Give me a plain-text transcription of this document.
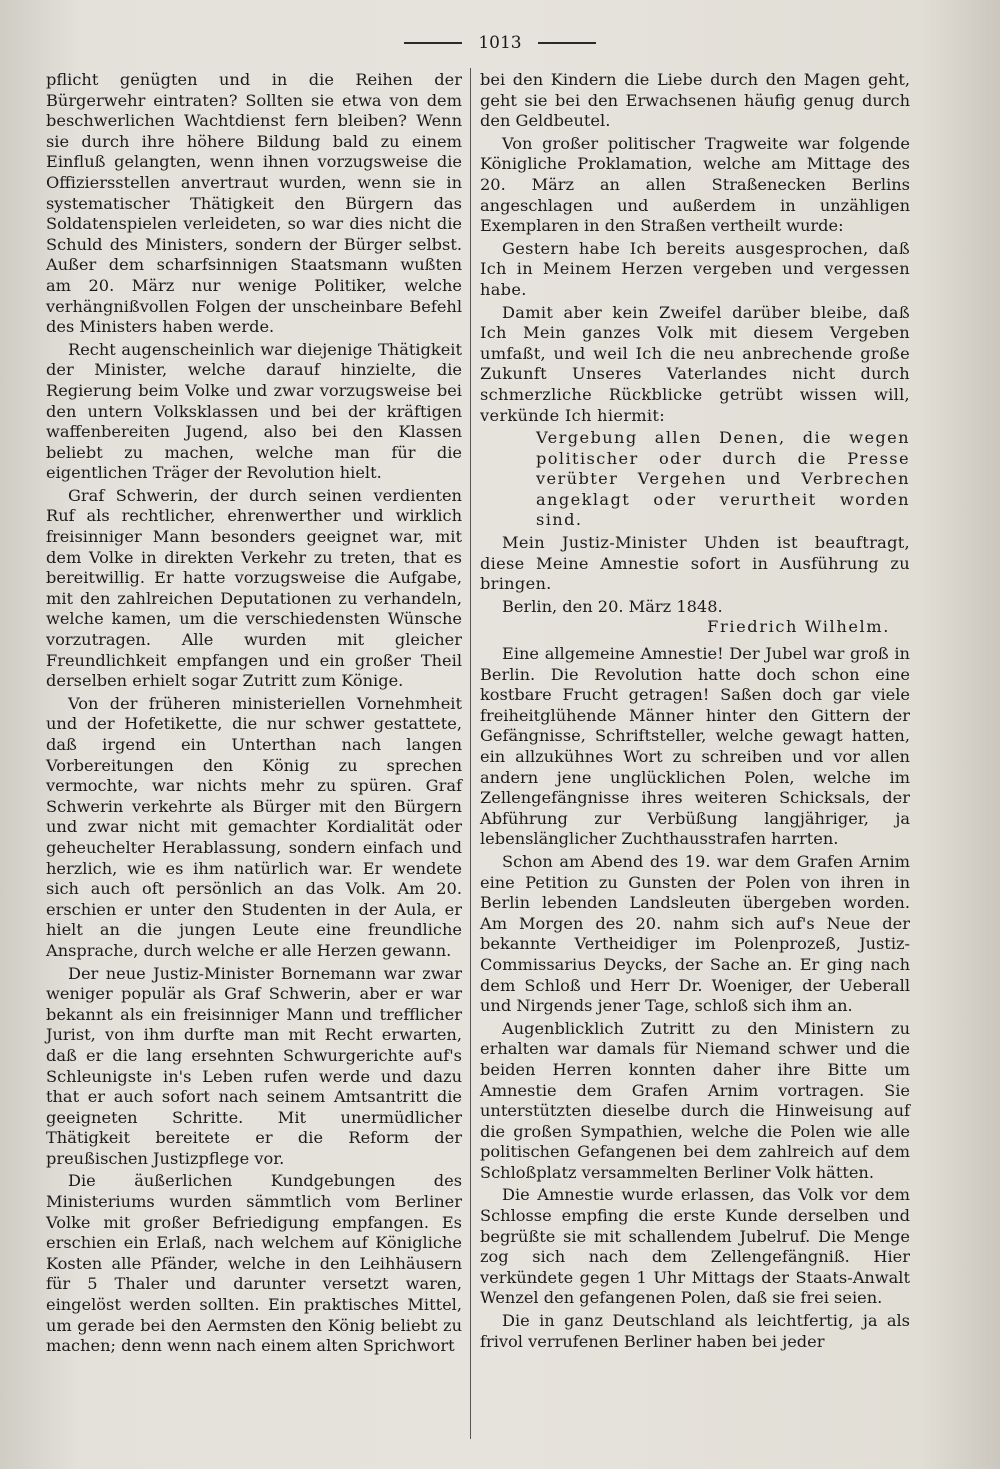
1013

pflicht genügten und in die Reihen der Bürgerwehr eintraten? Sollten sie etwa von dem beschwerlichen Wachtdienst fern bleiben? Wenn sie durch ihre höhere Bildung bald zu einem Einfluß gelangten, wenn ihnen vorzugsweise die Offiziersstellen anvertraut wurden, wenn sie in systematischer Thätigkeit den Bürgern das Soldatenspielen verleideten, so war dies nicht die Schuld des Ministers, sondern der Bürger selbst. Außer dem scharfsinnigen Staatsmann wußten am 20. März nur wenige Politiker, welche verhängnißvollen Folgen der unscheinbare Befehl des Ministers haben werde.

Recht augenscheinlich war diejenige Thätigkeit der Minister, welche darauf hinzielte, die Regierung beim Volke und zwar vorzugsweise bei den untern Volksklassen und bei der kräftigen waffenbereiten Jugend, also bei den Klassen beliebt zu machen, welche man für die eigentlichen Träger der Revolution hielt.

Graf Schwerin, der durch seinen verdienten Ruf als rechtlicher, ehrenwerther und wirklich freisinniger Mann besonders geeignet war, mit dem Volke in direkten Verkehr zu treten, that es bereitwillig. Er hatte vorzugsweise die Aufgabe, mit den zahlreichen Deputationen zu verhandeln, welche kamen, um die verschiedensten Wünsche vorzutragen. Alle wurden mit gleicher Freundlichkeit empfangen und ein großer Theil derselben erhielt sogar Zutritt zum Könige.

Von der früheren ministeriellen Vornehmheit und der Hofetikette, die nur schwer gestattete, daß irgend ein Unterthan nach langen Vorbereitungen den König zu sprechen vermochte, war nichts mehr zu spüren. Graf Schwerin verkehrte als Bürger mit den Bürgern und zwar nicht mit gemachter Kordialität oder geheuchelter Herablassung, sondern einfach und herzlich, wie es ihm natürlich war. Er wendete sich auch oft persönlich an das Volk. Am 20. erschien er unter den Studenten in der Aula, er hielt an die jungen Leute eine freundliche Ansprache, durch welche er alle Herzen gewann.

Der neue Justiz-Minister Bornemann war zwar weniger populär als Graf Schwerin, aber er war bekannt als ein freisinniger Mann und trefflicher Jurist, von ihm durfte man mit Recht erwarten, daß er die lang ersehnten Schwurgerichte auf's Schleunigste in's Leben rufen werde und dazu that er auch sofort nach seinem Amtsantritt die geeigneten Schritte. Mit unermüdlicher Thätigkeit bereitete er die Reform der preußischen Justizpflege vor.

Die äußerlichen Kundgebungen des Ministeriums wurden sämmtlich vom Berliner Volke mit großer Befriedigung empfangen. Es erschien ein Erlaß, nach welchem auf Königliche Kosten alle Pfänder, welche in den Leihhäusern für 5 Thaler und darunter versetzt waren, eingelöst werden sollten. Ein praktisches Mittel, um gerade bei den Aermsten den König beliebt zu machen; denn wenn nach einem alten Sprichwort

bei den Kindern die Liebe durch den Magen geht, geht sie bei den Erwachsenen häufig genug durch den Geldbeutel.

Von großer politischer Tragweite war folgende Königliche Proklamation, welche am Mittage des 20. März an allen Straßenecken Berlins angeschlagen und außerdem in unzähligen Exemplaren in den Straßen vertheilt wurde:

Gestern habe Ich bereits ausgesprochen, daß Ich in Meinem Herzen vergeben und vergessen habe.

Damit aber kein Zweifel darüber bleibe, daß Ich Mein ganzes Volk mit diesem Vergeben umfaßt, und weil Ich die neu anbrechende große Zukunft Unseres Vaterlandes nicht durch schmerzliche Rückblicke getrübt wissen will, verkünde Ich hiermit:

Vergebung allen Denen, die wegen politischer oder durch die Presse verübter Vergehen und Verbrechen angeklagt oder verurtheit worden sind.

Mein Justiz-Minister Uhden ist beauftragt, diese Meine Amnestie sofort in Ausführung zu bringen.

Berlin, den 20. März 1848.

Friedrich Wilhelm.

Eine allgemeine Amnestie! Der Jubel war groß in Berlin. Die Revolution hatte doch schon eine kostbare Frucht getragen! Saßen doch gar viele freiheitglühende Männer hinter den Gittern der Gefängnisse, Schriftsteller, welche gewagt hatten, ein allzukühnes Wort zu schreiben und vor allen andern jene unglücklichen Polen, welche im Zellengefängnisse ihres weiteren Schicksals, der Abführung zur Verbüßung langjähriger, ja lebenslänglicher Zuchthausstrafen harrten.

Schon am Abend des 19. war dem Grafen Arnim eine Petition zu Gunsten der Polen von ihren in Berlin lebenden Landsleuten übergeben worden. Am Morgen des 20. nahm sich auf's Neue der bekannte Vertheidiger im Polenprozeß, Justiz-Commissarius Deycks, der Sache an. Er ging nach dem Schloß und Herr Dr. Woeniger, der Ueberall und Nirgends jener Tage, schloß sich ihm an.

Augenblicklich Zutritt zu den Ministern zu erhalten war damals für Niemand schwer und die beiden Herren konnten daher ihre Bitte um Amnestie dem Grafen Arnim vortragen. Sie unterstützten dieselbe durch die Hinweisung auf die großen Sympathien, welche die Polen wie alle politischen Gefangenen bei dem zahlreich auf dem Schloßplatz versammelten Berliner Volk hätten.

Die Amnestie wurde erlassen, das Volk vor dem Schlosse empfing die erste Kunde derselben und begrüßte sie mit schallendem Jubelruf. Die Menge zog sich nach dem Zellengefängniß. Hier verkündete gegen 1 Uhr Mittags der Staats-Anwalt Wenzel den gefangenen Polen, daß sie frei seien.

Die in ganz Deutschland als leichtfertig, ja als frivol verrufenen Berliner haben bei jeder
